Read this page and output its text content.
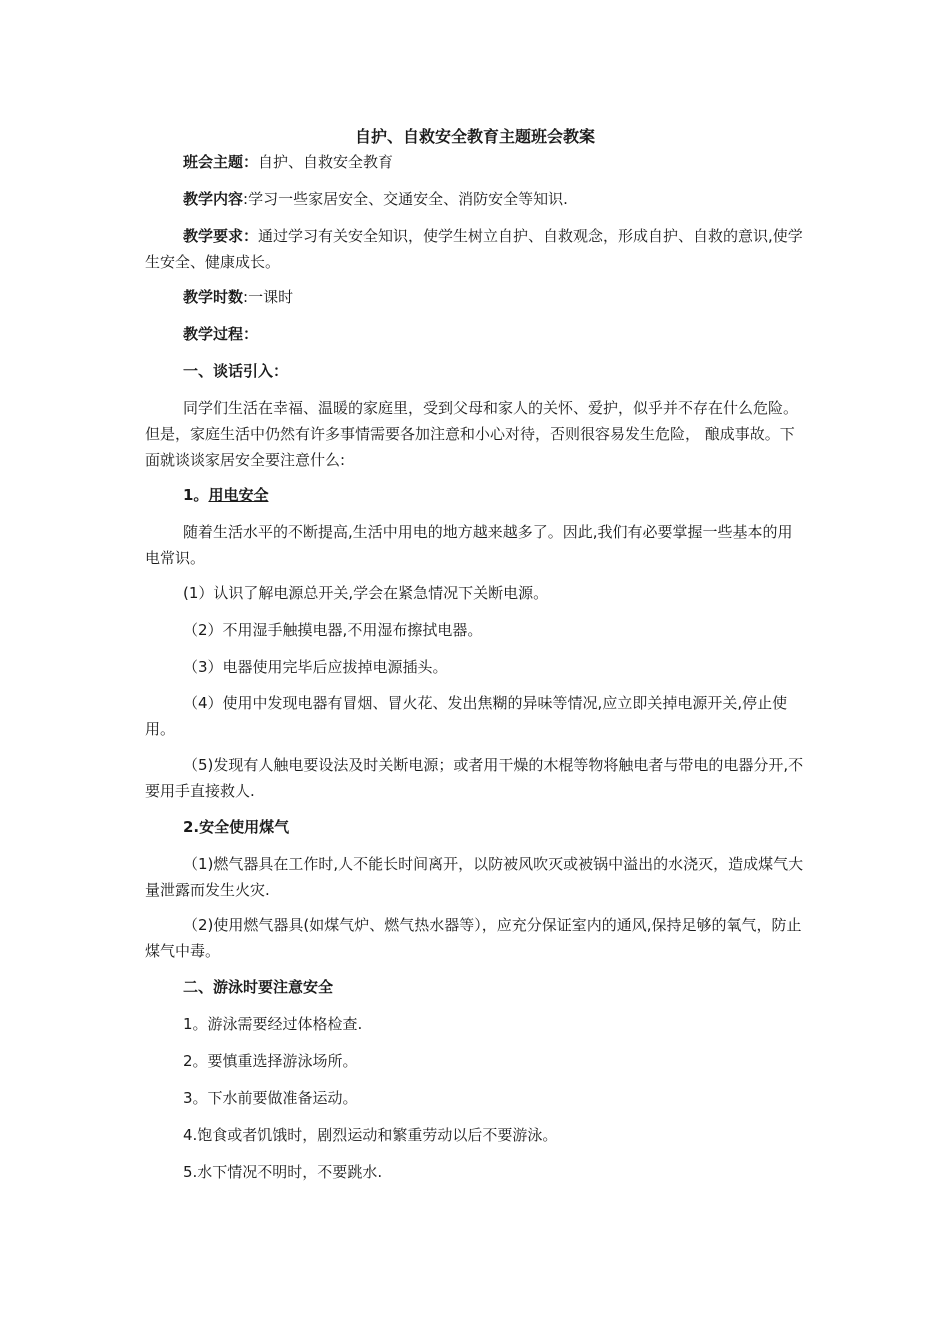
自护、自救安全教育主题班会教案

班会主题：自护、自救安全教育

教学内容:学习一些家居安全、交通安全、消防安全等知识.

教学要求：通过学习有关安全知识，使学生树立自护、自救观念，形成自护、自救的意识,使学生安全、健康成长。

教学时数:一课时

教学过程：

一、谈话引入：

同学们生活在幸福、温暖的家庭里，受到父母和家人的关怀、爱护，似乎并不存在什么危险。但是，家庭生活中仍然有许多事情需要各加注意和小心对待，否则很容易发生危险， 酿成事故。下面就谈谈家居安全要注意什么:

1。用电安全

随着生活水平的不断提高,生活中用电的地方越来越多了。因此,我们有必要掌握一些基本的用电常识。

(1）认识了解电源总开关,学会在紧急情况下关断电源。

（2）不用湿手触摸电器,不用湿布擦拭电器。

（3）电器使用完毕后应拔掉电源插头。

（4）使用中发现电器有冒烟、冒火花、发出焦糊的异味等情况,应立即关掉电源开关,停止使用。

（5)发现有人触电要设法及时关断电源；或者用干燥的木棍等物将触电者与带电的电器分开,不要用手直接救人.

2.安全使用煤气

（1)燃气器具在工作时,人不能长时间离开，以防被风吹灭或被锅中溢出的水浇灭，造成煤气大量泄露而发生火灾.

（2)使用燃气器具(如煤气炉、燃气热水器等），应充分保证室内的通风,保持足够的氧气，防止煤气中毒。

二、游泳时要注意安全

1。游泳需要经过体格检查.

2。要慎重选择游泳场所。

3。下水前要做准备运动。

4.饱食或者饥饿时，剧烈运动和繁重劳动以后不要游泳。

5.水下情况不明时，不要跳水.
